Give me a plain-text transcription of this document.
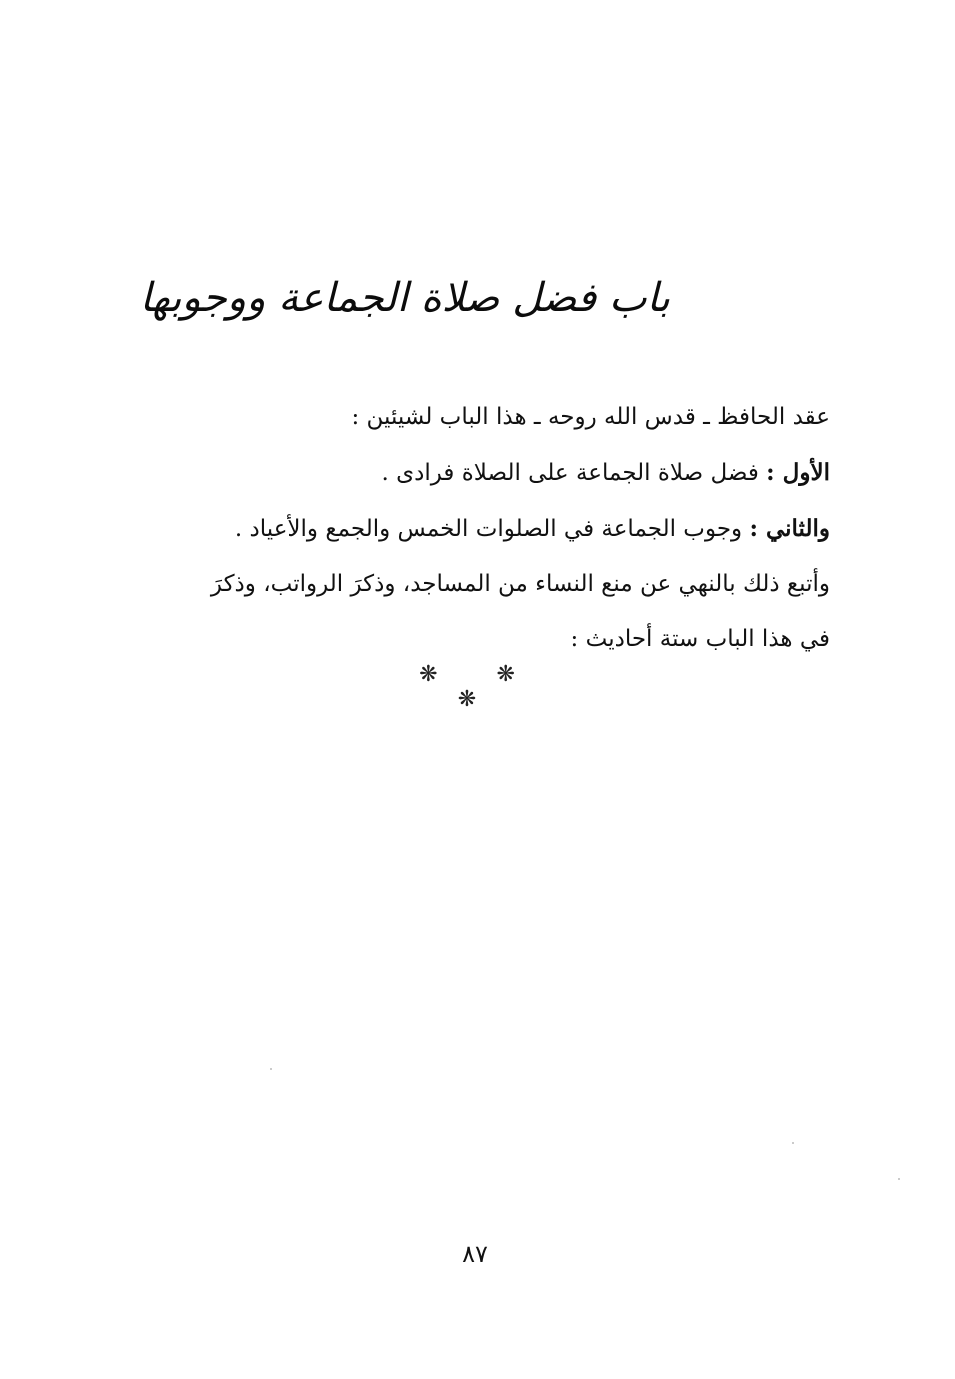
باب فضل صلاة الجماعة ووجوبها

عقد الحافظ ـ قدس الله روحه ـ هذا الباب لشيئين :

الأول : فضل صلاة الجماعة على الصلاة فرادى .

والثاني : وجوب الجماعة في الصلوات الخمس والجمع والأعياد .

وأتبع ذلك بالنهي عن منع النساء من المساجد، وذكرَ الرواتب، وذكرَ
في هذا الباب ستة أحاديث :

❋ ❋ ❋
٨٧
